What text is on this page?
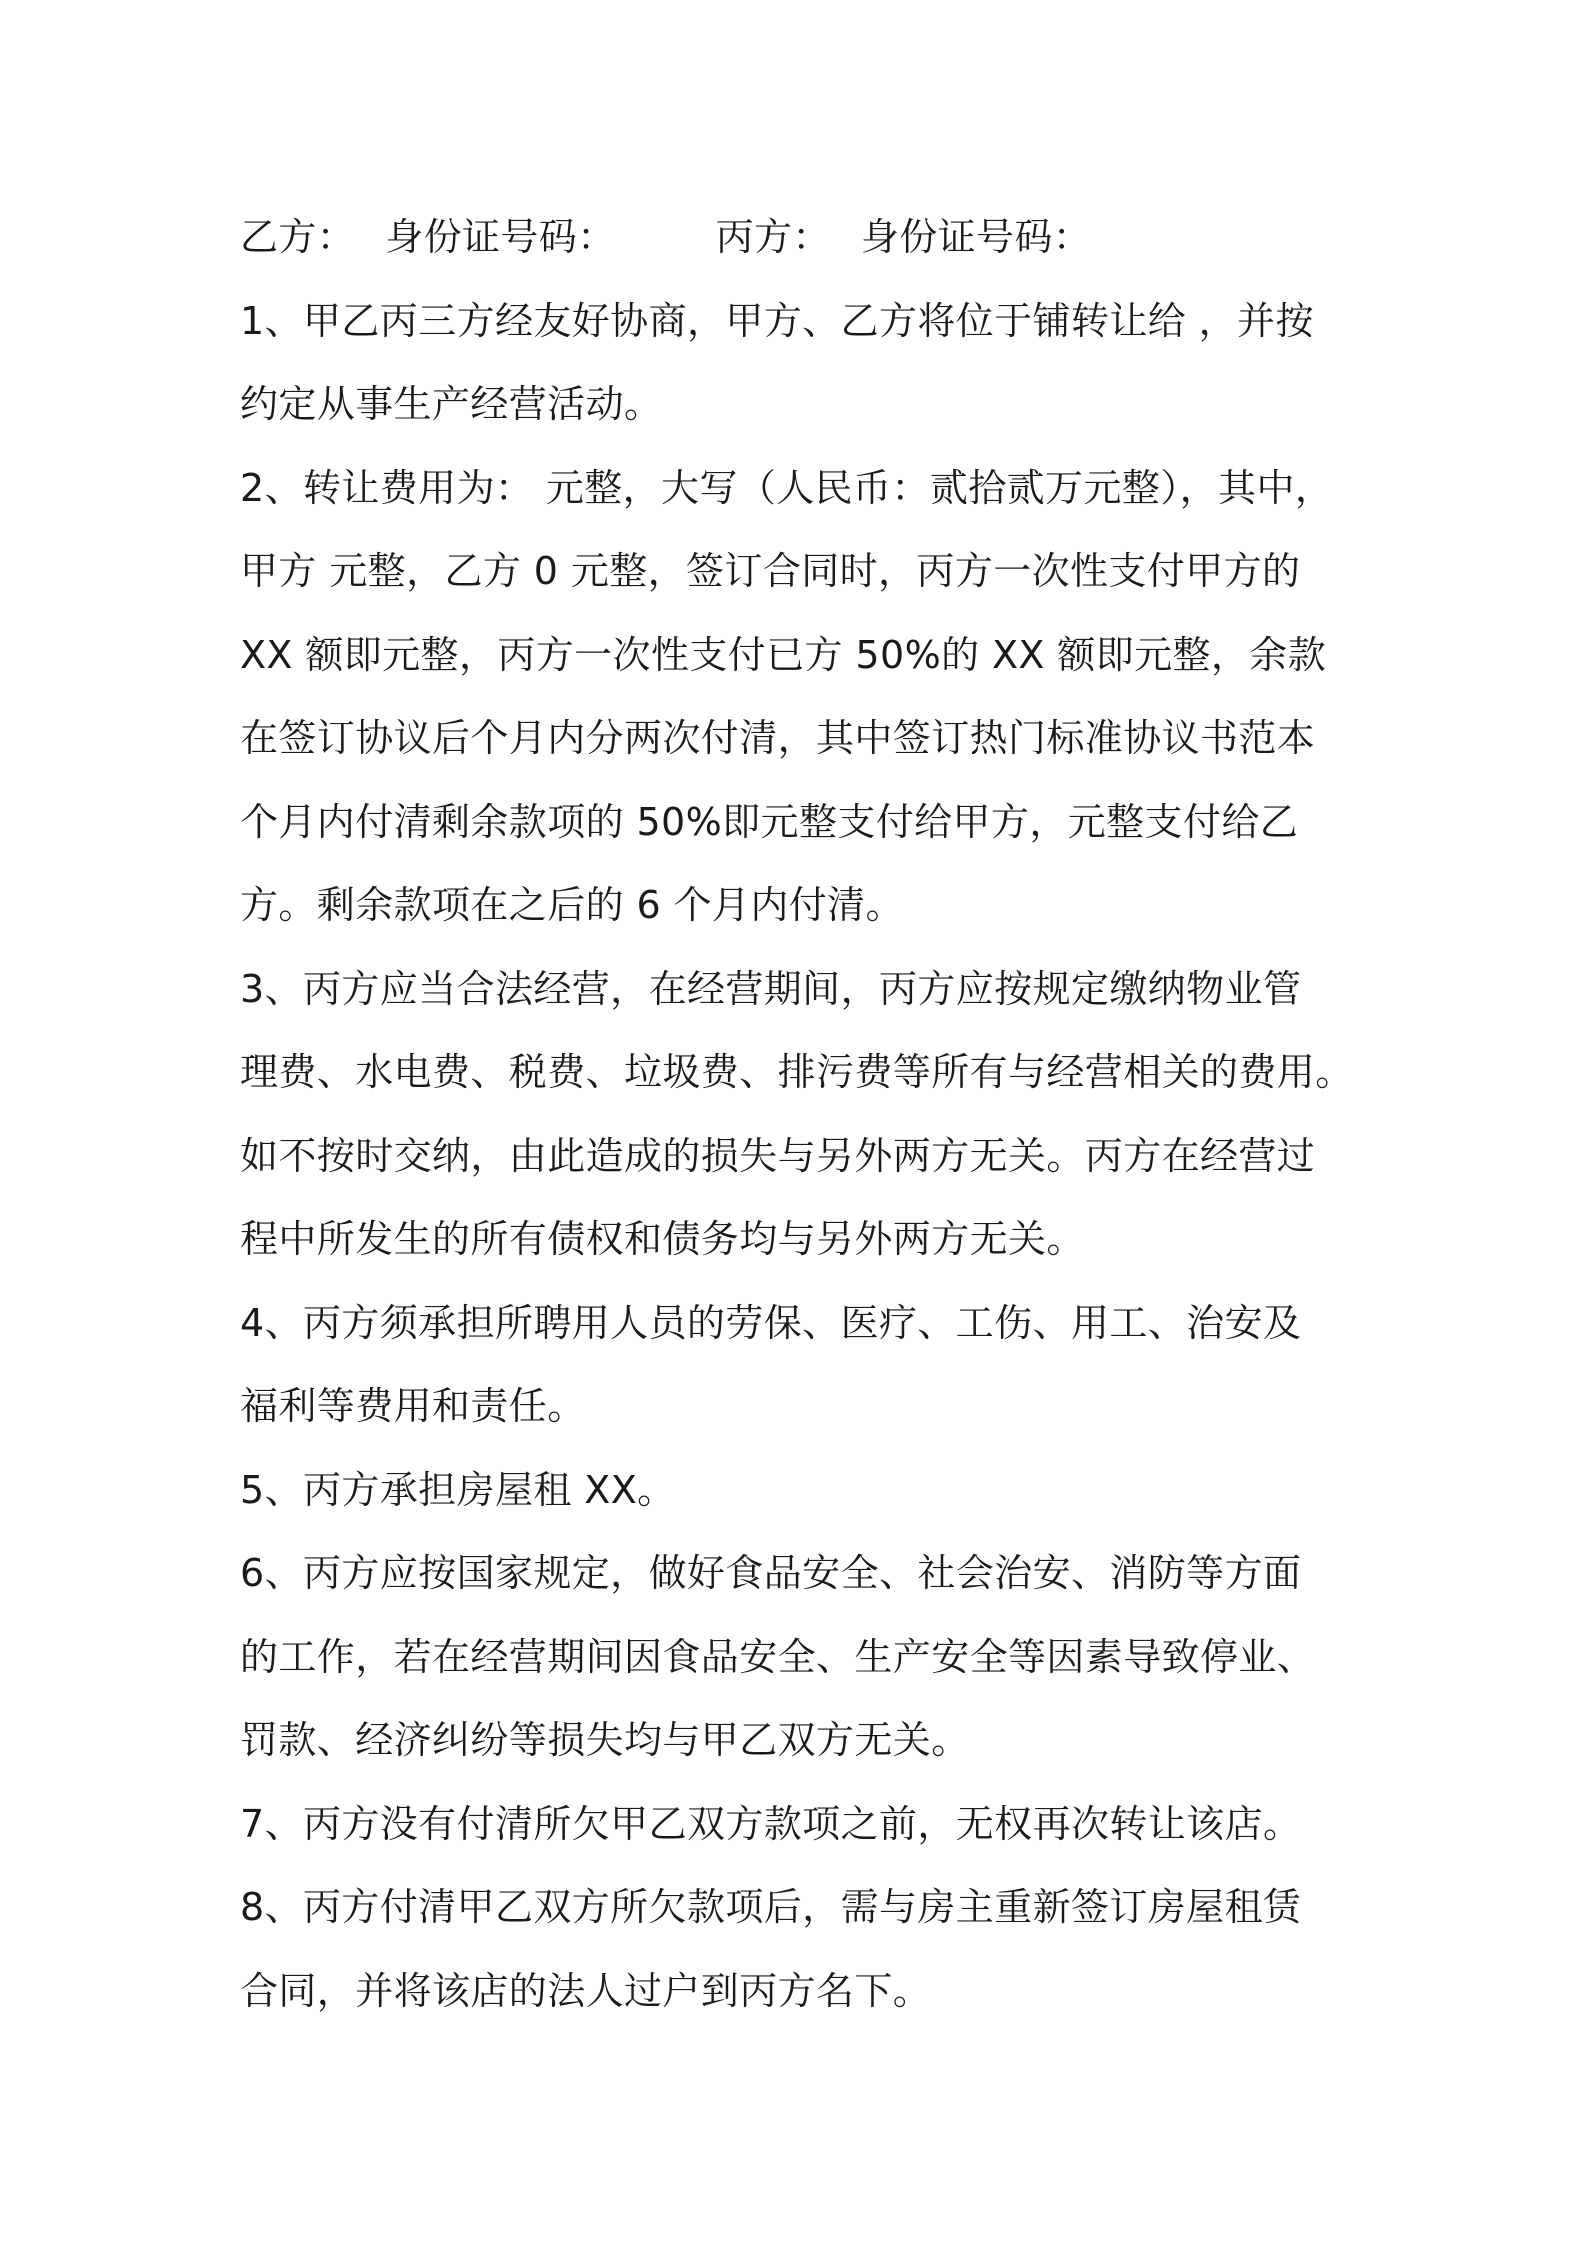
乙方： 身份证号码：	丙方： 身份证号码：
1、甲乙丙三方经友好协商，甲方、乙方将位于铺转让给 ，并按
约定从事生产经营活动。
2、转让费用为： 元整，大写（人民币：贰拾贰万元整），其中，
甲方 元整，乙方 0 元整，签订合同时，丙方一次性支付甲方的
XX 额即元整，丙方一次性支付已方 50%的 XX 额即元整，余款
在签订协议后个月内分两次付清，其中签订热门标准协议书范本
个月内付清剩余款项的 50%即元整支付给甲方，元整支付给乙
方。剩余款项在之后的 6 个月内付清。
3、丙方应当合法经营，在经营期间，丙方应按规定缴纳物业管
理费、水电费、税费、垃圾费、排污费等所有与经营相关的费用。
如不按时交纳，由此造成的损失与另外两方无关。丙方在经营过
程中所发生的所有债权和债务均与另外两方无关。
4、丙方须承担所聘用人员的劳保、医疗、工伤、用工、治安及
福利等费用和责任。
5、丙方承担房屋租 XX。
6、丙方应按国家规定，做好食品安全、社会治安、消防等方面
的工作，若在经营期间因食品安全、生产安全等因素导致停业、
罚款、经济纠纷等损失均与甲乙双方无关。
7、丙方没有付清所欠甲乙双方款项之前，无权再次转让该店。
8、丙方付清甲乙双方所欠款项后，需与房主重新签订房屋租赁
合同，并将该店的法人过户到丙方名下。
